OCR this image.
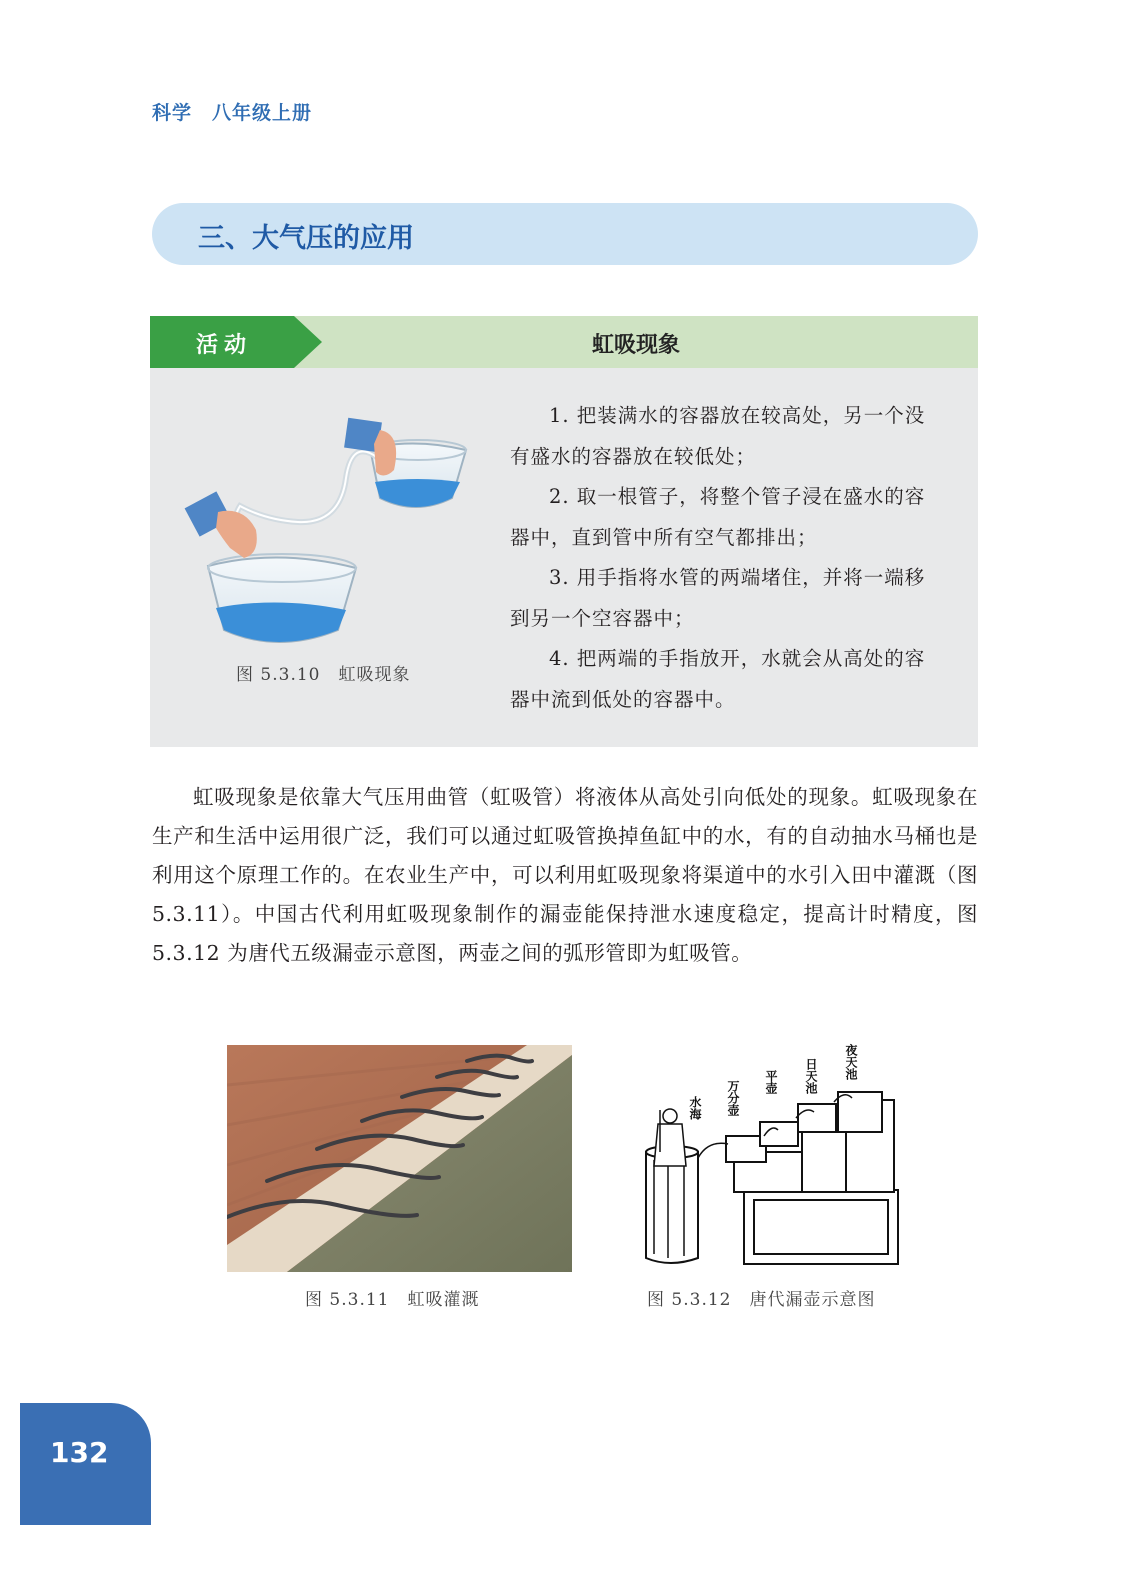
科学 八年级上册
三、大气压的应用
活动	虹吸现象
图 5.3.10　虹吸现象

1. 把装满水的容器放在较高处，另一个没有盛水的容器放在较低处；

2. 取一根管子，将整个管子浸在盛水的容器中，直到管中所有空气都排出；

3. 用手指将水管的两端堵住，并将一端移到另一个空容器中；

4. 把两端的手指放开，水就会从高处的容器中流到低处的容器中。

虹吸现象是依靠大气压用曲管（虹吸管）将液体从高处引向低处的现象。虹吸现象在生产和生活中运用很广泛，我们可以通过虹吸管换掉鱼缸中的水，有的自动抽水马桶也是利用这个原理工作的。在农业生产中，可以利用虹吸现象将渠道中的水引入田中灌溉（图 5.3.11）。中国古代利用虹吸现象制作的漏壶能保持泄水速度稳定，提高计时精度，图 5.3.12 为唐代五级漏壶示意图，两壶之间的弧形管即为虹吸管。

图 5.3.11　虹吸灌溉
水海 万分壶 平壶 日天池 夜天池
图 5.3.12　唐代漏壶示意图
132
